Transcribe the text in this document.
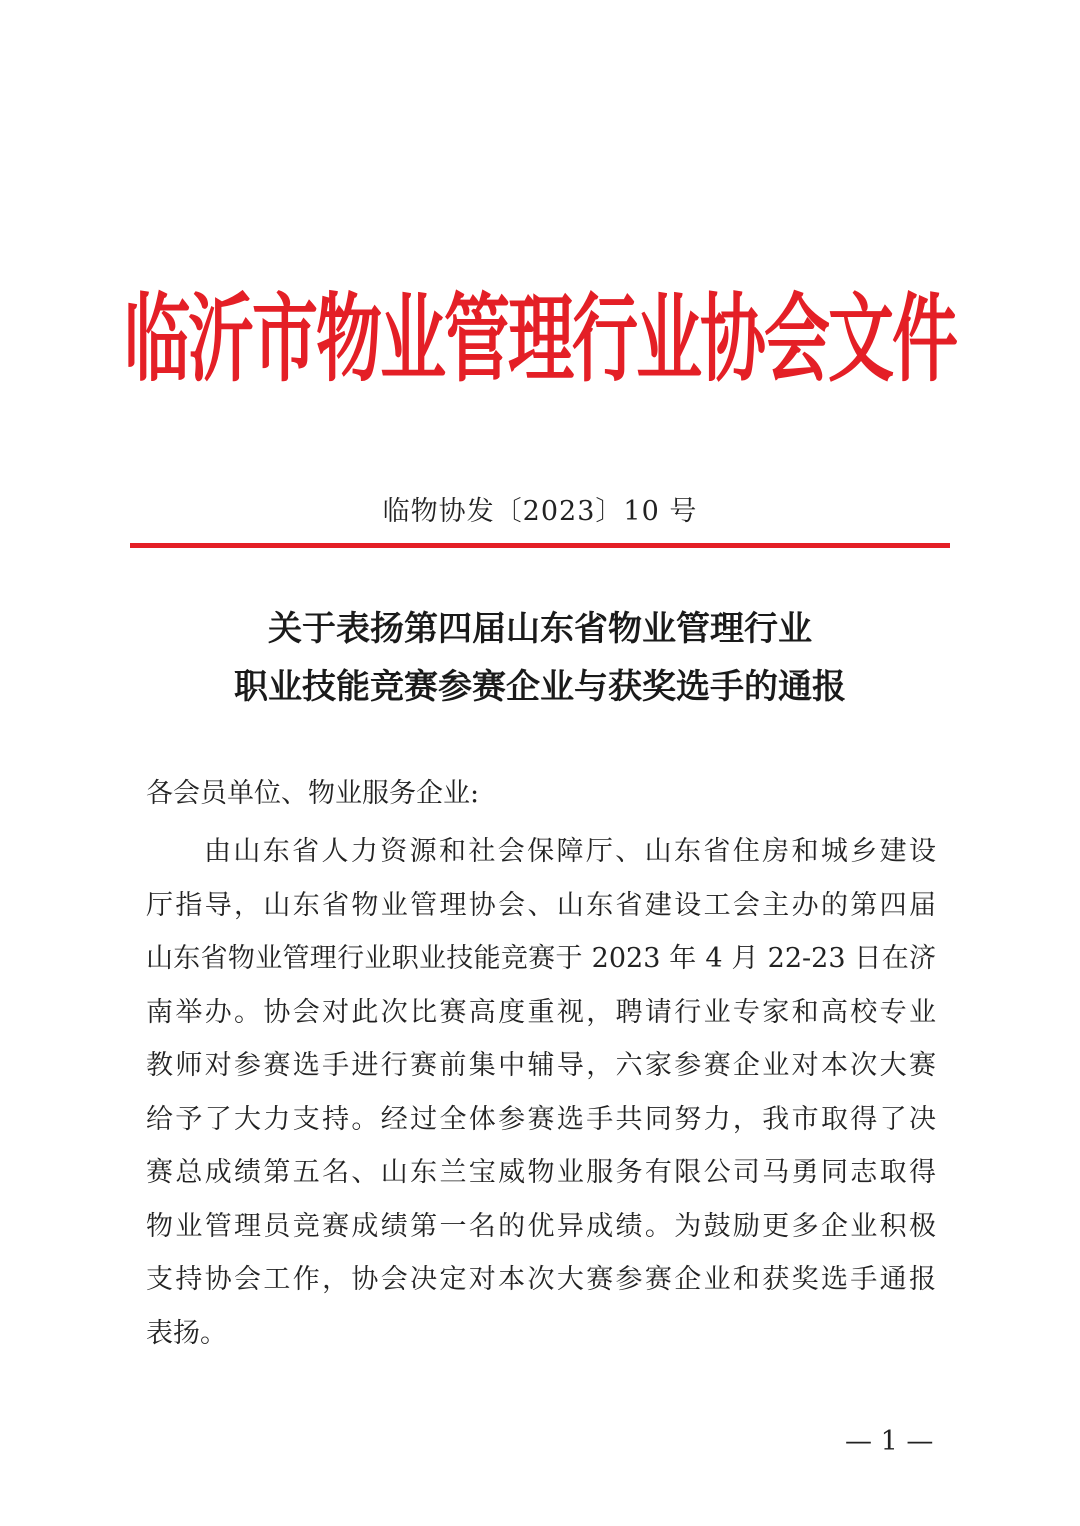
临沂市物业管理行业协会文件
临物协发〔2023〕10 号
关于表扬第四届山东省物业管理行业
职业技能竞赛参赛企业与获奖选手的通报
各会员单位、物业服务企业:
由山东省人力资源和社会保障厅、山东省住房和城乡建设
厅指导，山东省物业管理协会、山东省建设工会主办的第四届
山东省物业管理行业职业技能竞赛于 2023 年 4 月 22-23 日在济
南举办。协会对此次比赛高度重视，聘请行业专家和高校专业
教师对参赛选手进行赛前集中辅导，六家参赛企业对本次大赛
给予了大力支持。经过全体参赛选手共同努力，我市取得了决
赛总成绩第五名、山东兰宝威物业服务有限公司马勇同志取得
物业管理员竞赛成绩第一名的优异成绩。为鼓励更多企业积极
支持协会工作，协会决定对本次大赛参赛企业和获奖选手通报
表扬。
— 1 —
